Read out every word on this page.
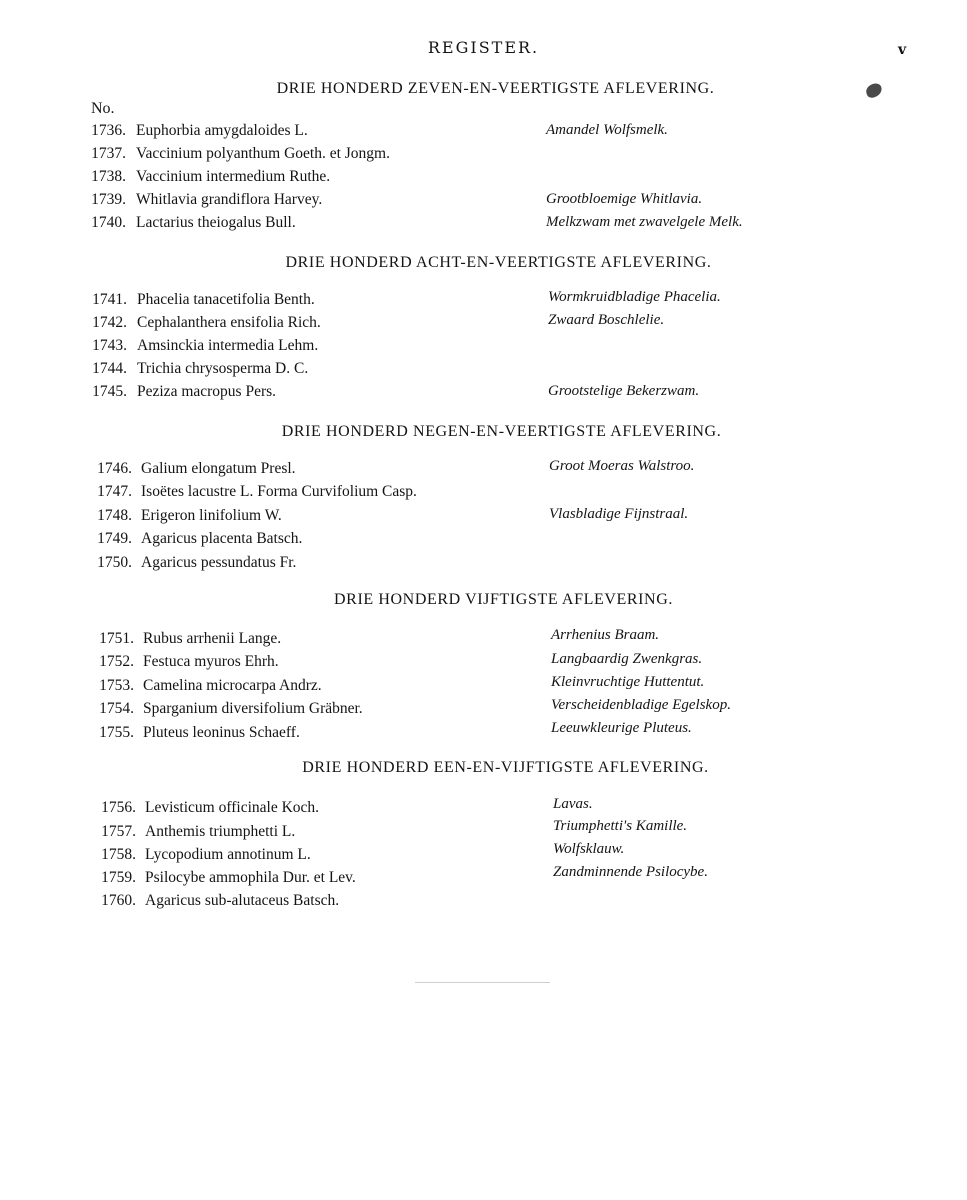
REGISTER.	v
No.
DRIE HONDERD ZEVEN-EN-VEERTIGSTE AFLEVERING.
1736. Euphorbia amygdaloides L.	Amandel Wolfsmelk.
1737. Vaccinium polyanthum Goeth. et Jongm.
1738. Vaccinium intermedium Ruthe.
1739. Whitlavia grandiflora Harvey.	Grootbloemige Whitlavia.
1740. Lactarius theiogalus Bull.	Melkzwam met zwavelgele Melk.
DRIE HONDERD ACHT-EN-VEERTIGSTE AFLEVERING.
1741. Phacelia tanacetifolia Benth.	Wormkruidbladige Phacelia.
1742. Cephalanthera ensifolia Rich.	Zwaard Boschlelie.
1743. Amsinckia intermedia Lehm.
1744. Trichia chrysosperma D. C.
1745. Peziza macropus Pers.	Grootstelige Bekerzwam.
DRIE HONDERD NEGEN-EN-VEERTIGSTE AFLEVERING.
1746. Galium elongatum Presl.	Groot Moeras Walstroo.
1747. Isoëtes lacustre L. Forma Curvifolium Casp.
1748. Erigeron linifolium W.	Vlasbladige Fijnstraal.
1749. Agaricus placenta Batsch.
1750. Agaricus pessundatus Fr.
DRIE HONDERD VIJFTIGSTE AFLEVERING.
1751. Rubus arrhenii Lange.	Arrhenius Braam.
1752. Festuca myuros Ehrh.	Langbaardig Zwenkgras.
1753. Camelina microcarpa Andrz.	Kleinvruchtige Huttentut.
1754. Sparganium diversifolium Gräbner.	Verscheidenbladige Egelskop.
1755. Pluteus leoninus Schaeff.	Leeuwkleurige Pluteus.
DRIE HONDERD EEN-EN-VIJFTIGSTE AFLEVERING.
1756. Levisticum officinale Koch.	Lavas.
1757. Anthemis triumphetti L.	Triumphetti's Kamille.
1758. Lycopodium annotinum L.	Wolfsklauw.
1759. Psilocybe ammophila Dur. et Lev.	Zandminnende Psilocybe.
1760. Agaricus sub-alutaceus Batsch.
